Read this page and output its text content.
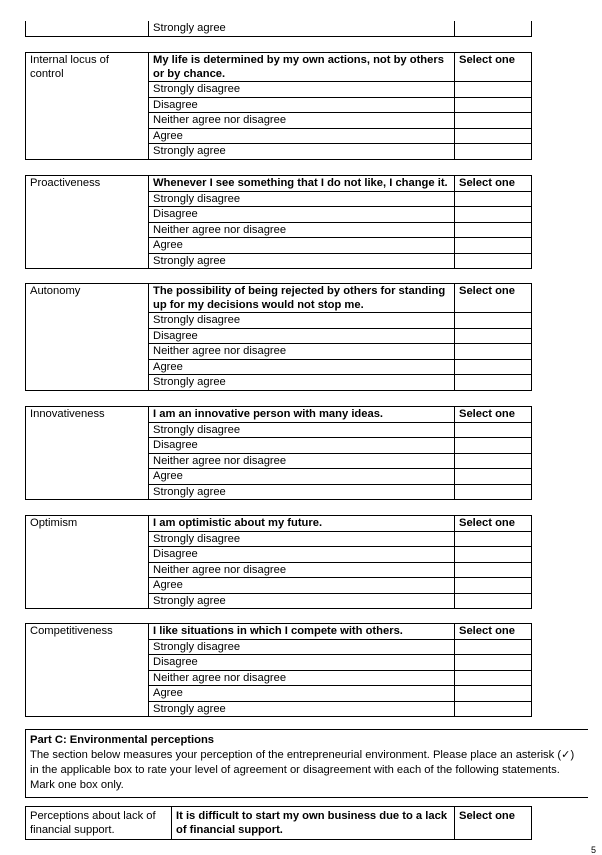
	Strongly agree	
Internal locus of control	My life is determined by my own actions, not by others or by chance.	Select one
	Strongly disagree	
	Disagree	
	Neither agree nor disagree	
	Agree	
	Strongly agree	
Proactiveness	Whenever I see something that I do not like, I change it.	Select one
	Strongly disagree	
	Disagree	
	Neither agree nor disagree	
	Agree	
	Strongly agree	
Autonomy	The possibility of being rejected by others for standing up for my decisions would not stop me.	Select one
	Strongly disagree	
	Disagree	
	Neither agree nor disagree	
	Agree	
	Strongly agree	
Innovativeness	I am an innovative person with many ideas.	Select one
	Strongly disagree	
	Disagree	
	Neither agree nor disagree	
	Agree	
	Strongly agree	
Optimism	I am optimistic about my future.	Select one
	Strongly disagree	
	Disagree	
	Neither agree nor disagree	
	Agree	
	Strongly agree	
Competitiveness	I like situations in which I compete with others.	Select one
	Strongly disagree	
	Disagree	
	Neither agree nor disagree	
	Agree	
	Strongly agree	
Part C: Environmental perceptions
The section below measures your perception of the entrepreneurial environment. Please place an asterisk (✓) in the applicable box to rate your level of agreement or disagreement with each of the following statements. Mark one box only.
Perceptions about lack of financial support.	It is difficult to start my own business due to a lack of financial support.	Select one
5
